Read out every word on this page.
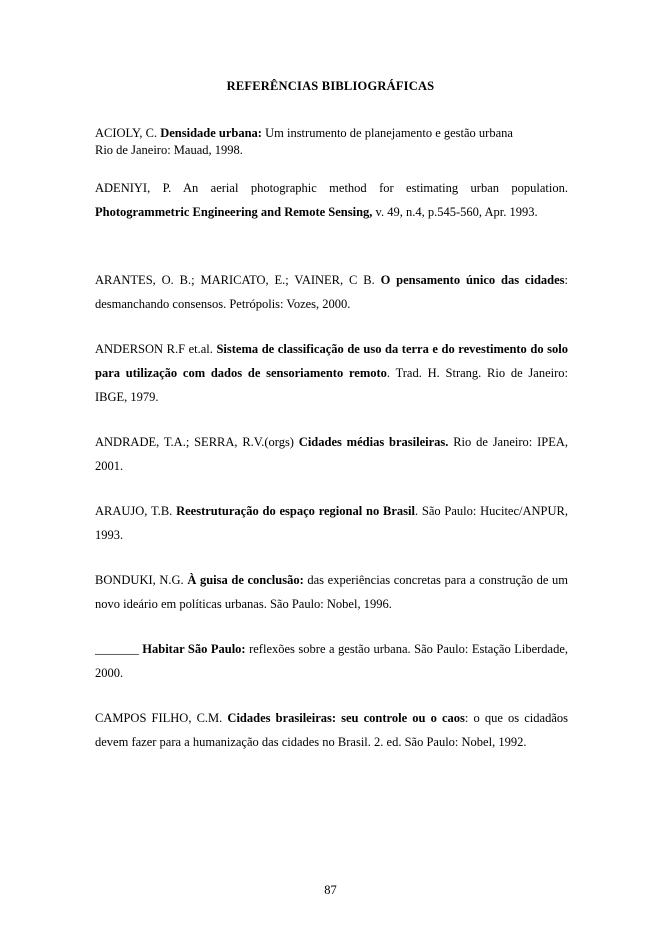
REFERÊNCIAS BIBLIOGRÁFICAS
ACIOLY, C. Densidade urbana: Um instrumento de planejamento e gestão urbana
Rio de Janeiro: Mauad, 1998.
ADENIYI, P. An aerial photographic method for estimating urban population. Photogrammetric Engineering and Remote Sensing, v. 49, n.4, p.545-560, Apr. 1993.
ARANTES, O. B.; MARICATO, E.; VAINER, C B. O pensamento único das cidades: desmanchando consensos. Petrópolis: Vozes, 2000.
ANDERSON R.F et.al. Sistema de classificação de uso da terra e do revestimento do solo para utilização com dados de sensoriamento remoto. Trad. H. Strang. Rio de Janeiro: IBGE, 1979.
ANDRADE, T.A.; SERRA, R.V.(orgs) Cidades médias brasileiras. Rio de Janeiro: IPEA, 2001.
ARAUJO, T.B. Reestruturação do espaço regional no Brasil. São Paulo: Hucitec/ANPUR, 1993.
BONDUKI, N.G. À guisa de conclusão: das experiências concretas para a construção de um novo ideário em políticas urbanas. São Paulo: Nobel, 1996.
_______ Habitar São Paulo: reflexões sobre a gestão urbana. São Paulo: Estação Liberdade, 2000.
CAMPOS FILHO, C.M. Cidades brasileiras: seu controle ou o caos: o que os cidadãos devem fazer para a humanização das cidades no Brasil. 2. ed. São Paulo: Nobel, 1992.
87
